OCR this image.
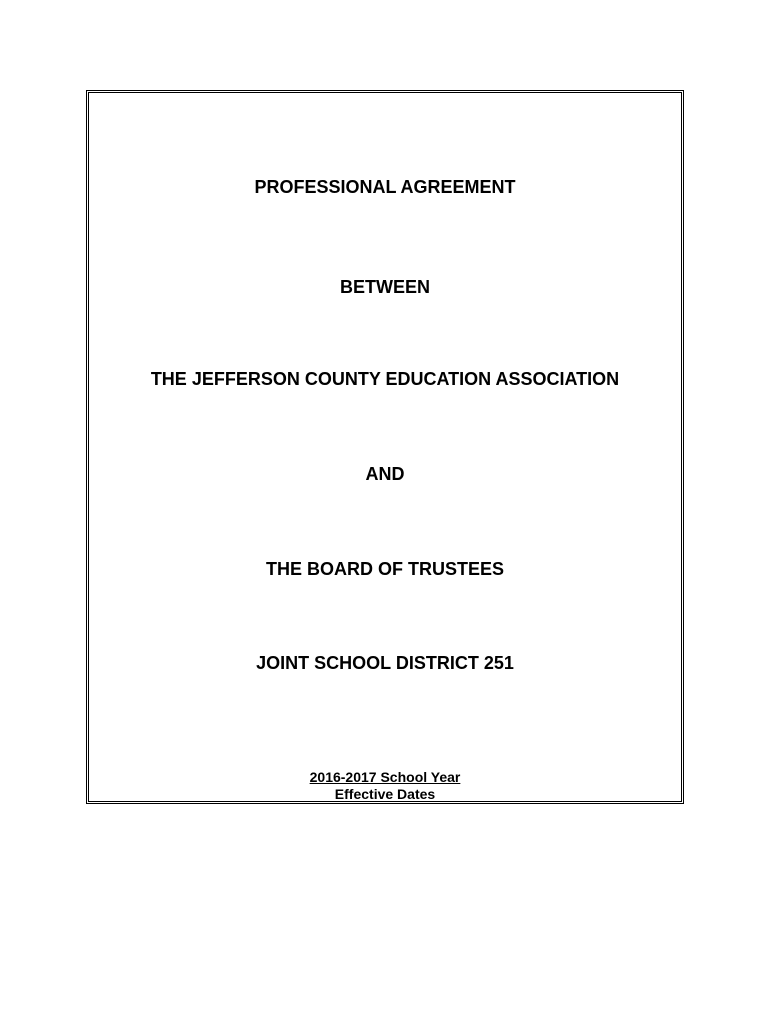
PROFESSIONAL AGREEMENT
BETWEEN
THE JEFFERSON COUNTY EDUCATION ASSOCIATION
AND
THE BOARD OF TRUSTEES
JOINT SCHOOL DISTRICT 251
2016-2017 School Year
Effective Dates
